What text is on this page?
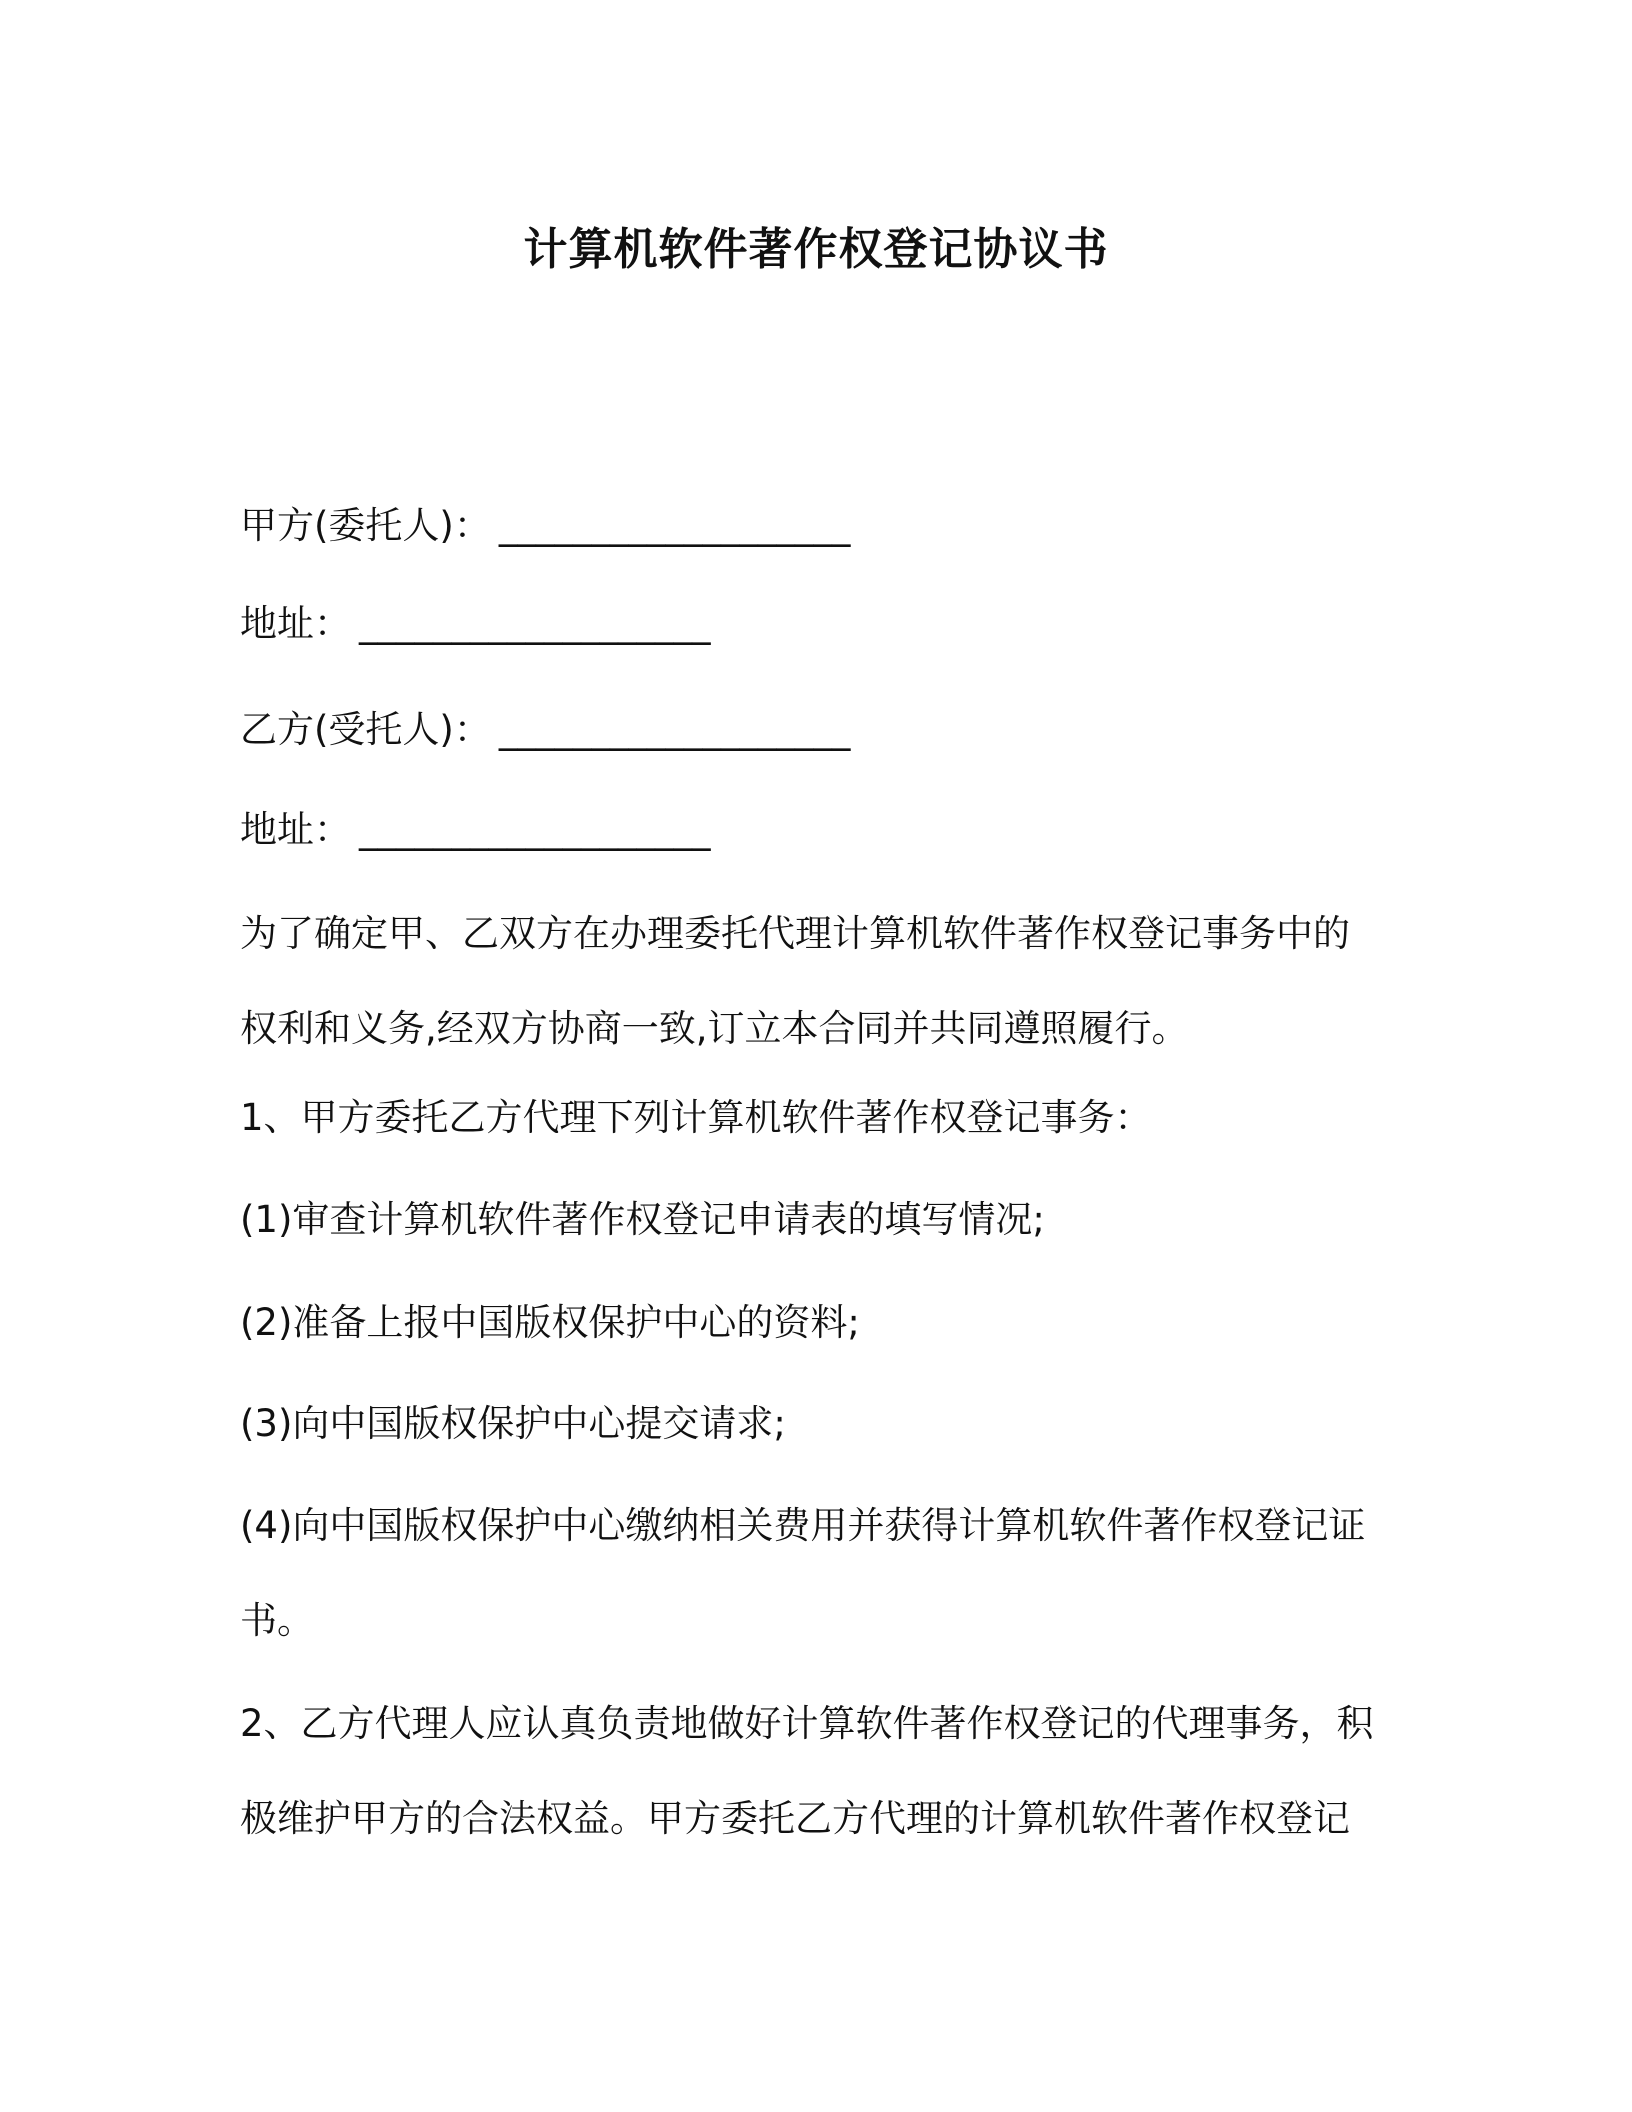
计算机软件著作权登记协议书

甲方(委托人)： ___________________

地址： ___________________

乙方(受托人)： ___________________

地址： ___________________

为了确定甲、乙双方在办理委托代理计算机软件著作权登记事务中的
权利和义务,经双方协商一致,订立本合同并共同遵照履行。

1、甲方委托乙方代理下列计算机软件著作权登记事务：

(1)审查计算机软件著作权登记申请表的填写情况;

(2)准备上报中国版权保护中心的资料;

(3)向中国版权保护中心提交请求;

(4)向中国版权保护中心缴纳相关费用并获得计算机软件著作权登记证
书。
2、乙方代理人应认真负责地做好计算软件著作权登记的代理事务，积
极维护甲方的合法权益。甲方委托乙方代理的计算机软件著作权登记
